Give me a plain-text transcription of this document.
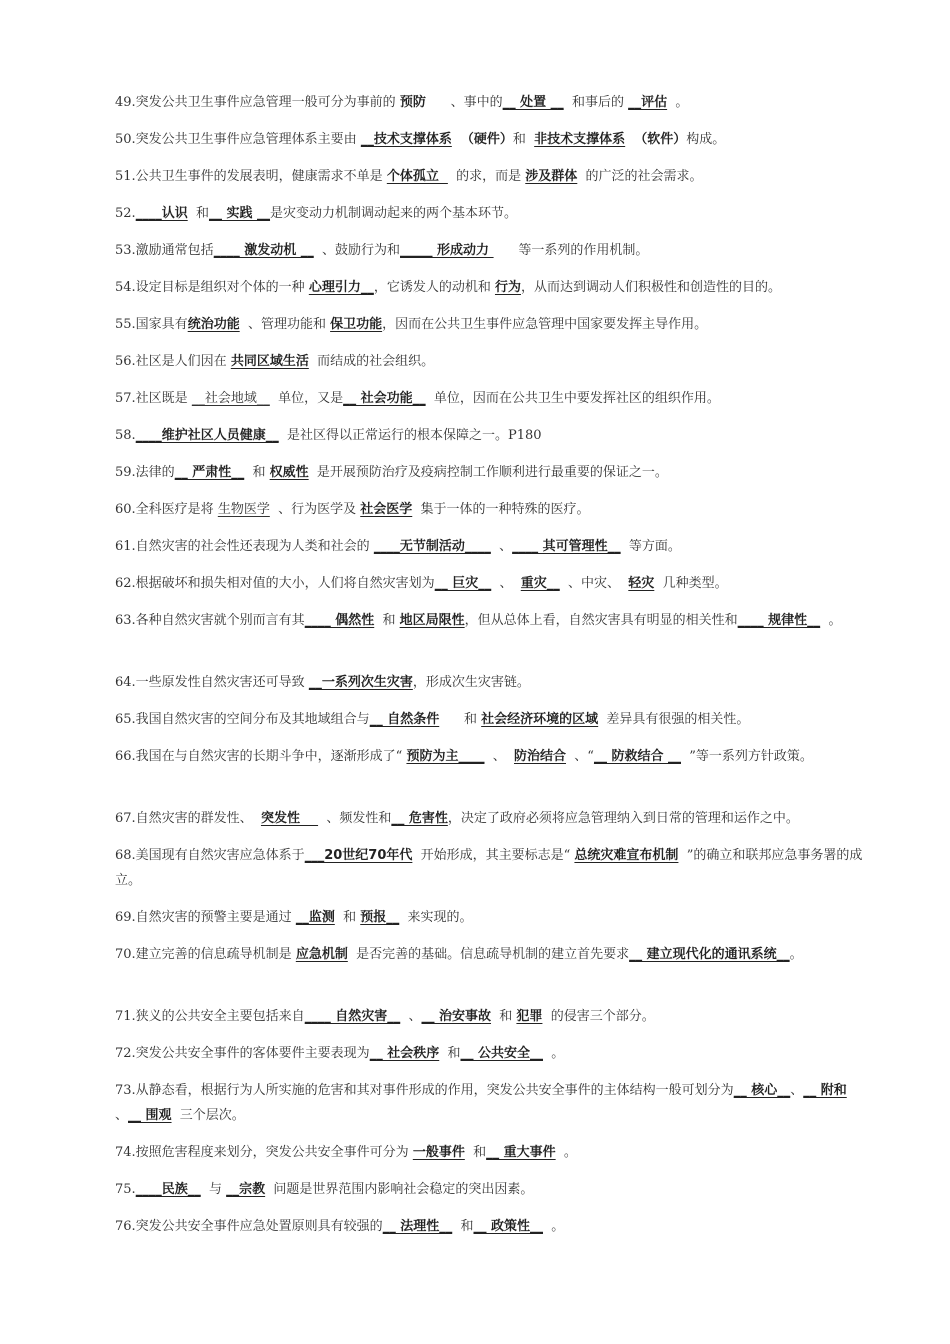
49.突发公共卫生事件应急管理一般可分为事前的 预防      、事中的__ 处置 __  和事后的 __评估  。

50.突发公共卫生事件应急管理体系主要由 __技术支撑体系  （硬件）和  非技术支撑体系  （软件）构成。

51.公共卫生事件的发展表明，健康需求不单是 个体孤立    的求，而是 涉及群体  的广泛的社会需求。

52.____认识  和__ 实践 __是灾变动力机制调动起来的两个基本环节。

53.激励通常包括____ 激发动机 __  、鼓励行为和_____ 形成动力       等一系列的作用机制。

54.设定目标是组织对个体的一种 心理引力__，它诱发人的动机和 行为，从而达到调动人们积极性和创造性的目的。

55.国家具有统治功能  、管理功能和 保卫功能，因而在公共卫生事件应急管理中国家要发挥主导作用。

56.社区是人们因在 共同区域生活  而结成的社会组织。

57.社区既是 __社会地域__  单位，又是__ 社会功能__  单位，因而在公共卫生中要发挥社区的组织作用。

58.____维护社区人员健康__  是社区得以正常运行的根本保障之一。P180

59.法律的__ 严肃性__  和 权威性  是开展预防治疗及疫病控制工作顺利进行最重要的保证之一。

60.全科医疗是将 生物医学  、行为医学及 社会医学  集于一体的一种特殊的医疗。

61.自然灾害的社会性还表现为人类和社会的 ____无节制活动____  、____ 其可管理性__  等方面。

62.根据破坏和损失相对值的大小，人们将自然灾害划为__ 巨灾__  、  重灾__  、中灾、  轻灾  几种类型。

63.各种自然灾害就个别而言有其____ 偶然性  和 地区局限性，但从总体上看，自然灾害具有明显的相关性和____ 规律性__  。

64.一些原发性自然灾害还可导致 __一系列次生灾害，形成次生灾害链。

65.我国自然灾害的空间分布及其地域组合与__ 自然条件      和 社会经济环境的区域  差异具有很强的相关性。

66.我国在与自然灾害的长期斗争中，逐渐形成了“ 预防为主____  、  防治结合  、“__ 防救结合 __  ”等一系列方针政策。

67.自然灾害的群发性、  突发性      、频发性和__ 危害性，决定了政府必须将应急管理纳入到日常的管理和运作之中。

68.美国现有自然灾害应急体系于___20世纪70年代  开始形成，其主要标志是“ 总统灾难宣布机制  ”的确立和联邦应急事务署的成立。

69.自然灾害的预警主要是通过 __监测  和 预报__  来实现的。

70.建立完善的信息疏导机制是 应急机制  是否完善的基础。信息疏导机制的建立首先要求__ 建立现代化的通讯系统__。

71.狭义的公共安全主要包括来自____ 自然灾害__  、__ 治安事故  和 犯罪  的侵害三个部分。

72.突发公共安全事件的客体要件主要表现为__ 社会秩序  和__ 公共安全__  。

73.从静态看，根据行为人所实施的危害和其对事件形成的作用，突发公共安全事件的主体结构一般可划分为__ 核心__、__ 附和  、__ 围观  三个层次。

74.按照危害程度来划分，突发公共安全事件可分为 一般事件  和__ 重大事件  。

75.____民族__  与 __宗教  问题是世界范围内影响社会稳定的突出因素。

76.突发公共安全事件应急处置原则具有较强的__ 法理性__  和__ 政策性__  。
